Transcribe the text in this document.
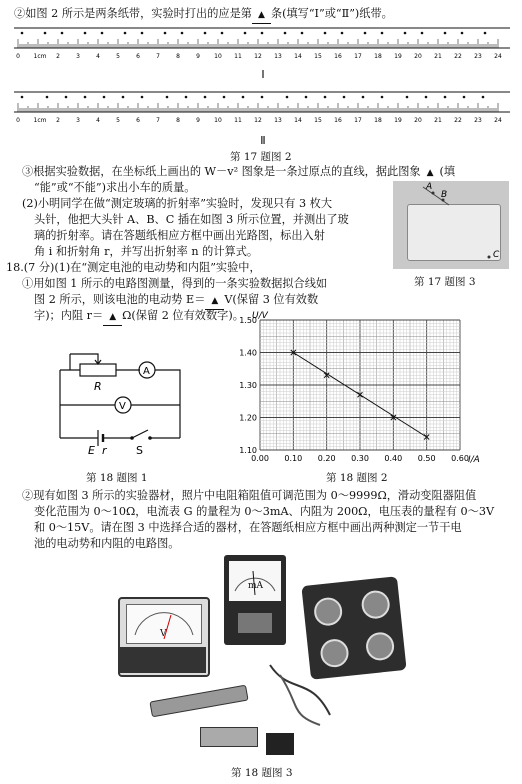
②如图 2 所示是两条纸带，实验时打出的应是第 ▲ 条(填写“Ⅰ”或“Ⅱ”)纸带。
0	2	3	4	5	6	7	8	9 10 11 12 13 14 15 16 17 18 19 20 21 22 23 24
1cm
0	2	3	4	5	6	7	8	9 10 11 12 13 14 15 16 17 18 19 20 21 22 23 24
1cm
Ⅰ
Ⅱ
第 17 题图 2
③根据实验数据，在坐标纸上画出的 W－v² 图象是一条过原点的直线，据此图象 ▲ (填
“能”或“不能”)求出小车的质量。
(2)小明同学在做“测定玻璃的折射率”实验时，发现只有 3 枚大
头针，他把大头针 A、B、C 插在如图 3 所示位置，并测出了玻
璃的折射率。请在答题纸相应方框中画出光路图，标出入射
角 i 和折射角 r，并写出折射率 n 的计算式。
A
B
C
第 17 题图 3
18.(7 分)(1)在“测定电池的电动势和内阻”实验中，
①用如图 1 所示的电路图测量，得到的一条实验数据拟合线如
图 2 所示，则该电池的电动势 E＝ ▲ V(保留 3 位有效数
字)；内阻 r＝ ▲ Ω(保留 2 位有效数字)。
R
A
V
E r	S
第 18 题图 1
0.00 0.10 0.20 0.30 0.40 0.50 0.60
1.10
1.20
1.30
1.40
1.50
U/V
I/A
第 18 题图 2
②现有如图 3 所示的实验器材，照片中电阻箱阻值可调范围为 0～9999Ω，滑动变阻器阻值
变化范围为 0～10Ω，电流表 G 的量程为 0～3mA、内阻为 200Ω，电压表的量程有 0～3V
和 0～15V。请在图 3 中选择合适的器材，在答题纸相应方框中画出两种测定一节干电
池的电动势和内阻的电路图。
V
mA
第 18 题图 3
